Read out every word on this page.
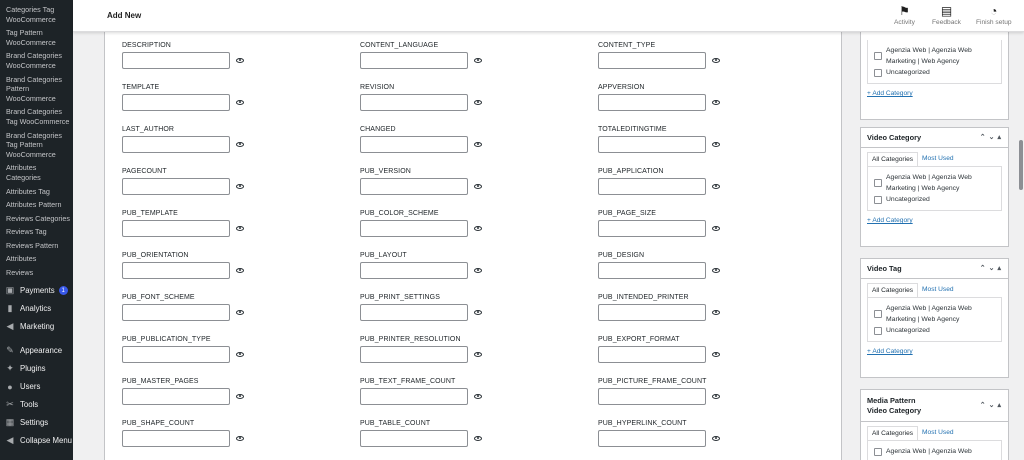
Categories Tag WooCommerce
Tag Pattern WooCommerce
Brand Categories WooCommerce
Brand Categories Pattern WooCommerce
Brand Categories Tag WooCommerce
Brand Categories Tag Pattern WooCommerce
Attributes Categories
Attributes Tag
Attributes Pattern
Reviews Categories
Reviews Tag
Reviews Pattern
Attributes
Reviews
▣ Payments	1
▮ Analytics
◀ Marketing
✎ Appearance
✦ Plugins
● Users
✂ Tools
▦ Settings
◀ Collapse Menu
Add New	⚑
Activity
▤
Feedback
◔
Finish setup
DESCRIPTION	CONTENT_LANGUAGE	CONTENT_TYPE
TEMPLATE	REVISION	APPVERSION
LAST_AUTHOR	CHANGED	TOTALEDITINGTIME
PAGECOUNT	PUB_VERSION	PUB_APPLICATION
PUB_TEMPLATE	PUB_COLOR_SCHEME	PUB_PAGE_SIZE
PUB_ORIENTATION	PUB_LAYOUT	PUB_DESIGN
PUB_FONT_SCHEME	PUB_PRINT_SETTINGS	PUB_INTENDED_PRINTER
PUB_PUBLICATION_TYPE	PUB_PRINTER_RESOLUTION	PUB_EXPORT_FORMAT
PUB_MASTER_PAGES	PUB_TEXT_FRAME_COUNT	PUB_PICTURE_FRAME_COUNT
PUB_SHAPE_COUNT	PUB_TABLE_COUNT	PUB_HYPERLINK_COUNT
Agenzia Web | Agenzia Web Marketing | Web Agency
Uncategorized
+ Add Category
Video Category	⌃⌄▴
All Categories	Most Used
Agenzia Web | Agenzia Web Marketing | Web Agency
Uncategorized
+ Add Category
Video Tag	⌃⌄▴
All Categories	Most Used
Agenzia Web | Agenzia Web Marketing | Web Agency
Uncategorized
+ Add Category
Media Pattern Video Category	⌃⌄▴
All Categories	Most Used
Agenzia Web | Agenzia Web
